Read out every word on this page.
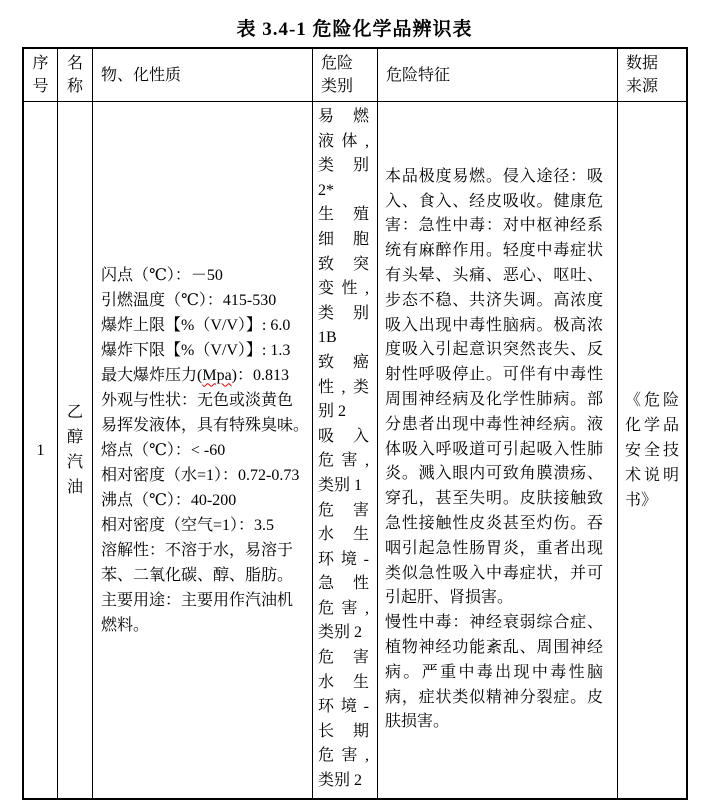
表 3.4-1 危险化学品辨识表
序号
名称
物、化性质
危险类别
危险特征
数据来源
1
乙醇汽油
闪点（℃）：－50
引燃温度（℃）：415-530
爆炸上限【%（V/V）】: 6.0
爆炸下限【%（V/V）】: 1.3
最大爆炸压力(Mpa)：0.813
外观与性状：无色或淡黄色
易挥发液体，具有特殊臭味。
熔点（℃）：< -60
相对密度（水=1）：0.72-0.73
沸点（℃）：40-200
相对密度（空气=1）：3.5
溶解性：不溶于水，易溶于
苯、二氧化碳、醇、脂肪。
主要用途：主要用作汽油机
燃料。
易燃
液体,
类别
2*
生殖
细胞
致突
变性,
类别
1B
致癌
性,类
别 2
吸入
危害,
类别 1
危害
水生
环境-
急性
危害,
类别 2
危害
水生
环境-
长期
危害,
类别 2
本品极度易燃。侵入途径：吸入、食入、经皮吸收。健康危害：急性中毒：对中枢神经系统有麻醉作用。轻度中毒症状有头晕、头痛、恶心、呕吐、步态不稳、共济失调。高浓度吸入出现中毒性脑病。极高浓度吸入引起意识突然丧失、反射性呼吸停止。可伴有中毒性周围神经病及化学性肺病。部分患者出现中毒性神经病。液体吸入呼吸道可引起吸入性肺炎。溅入眼内可致角膜溃疡、穿孔，甚至失明。皮肤接触致急性接触性皮炎甚至灼伤。吞咽引起急性肠胃炎，重者出现类似急性吸入中毒症状，并可引起肝、肾损害。
慢性中毒：神经衰弱综合症、植物神经功能紊乱、周围神经病。严重中毒出现中毒性脑病，症状类似精神分裂症。皮肤损害。
《危险化学品安全技术说明书》
